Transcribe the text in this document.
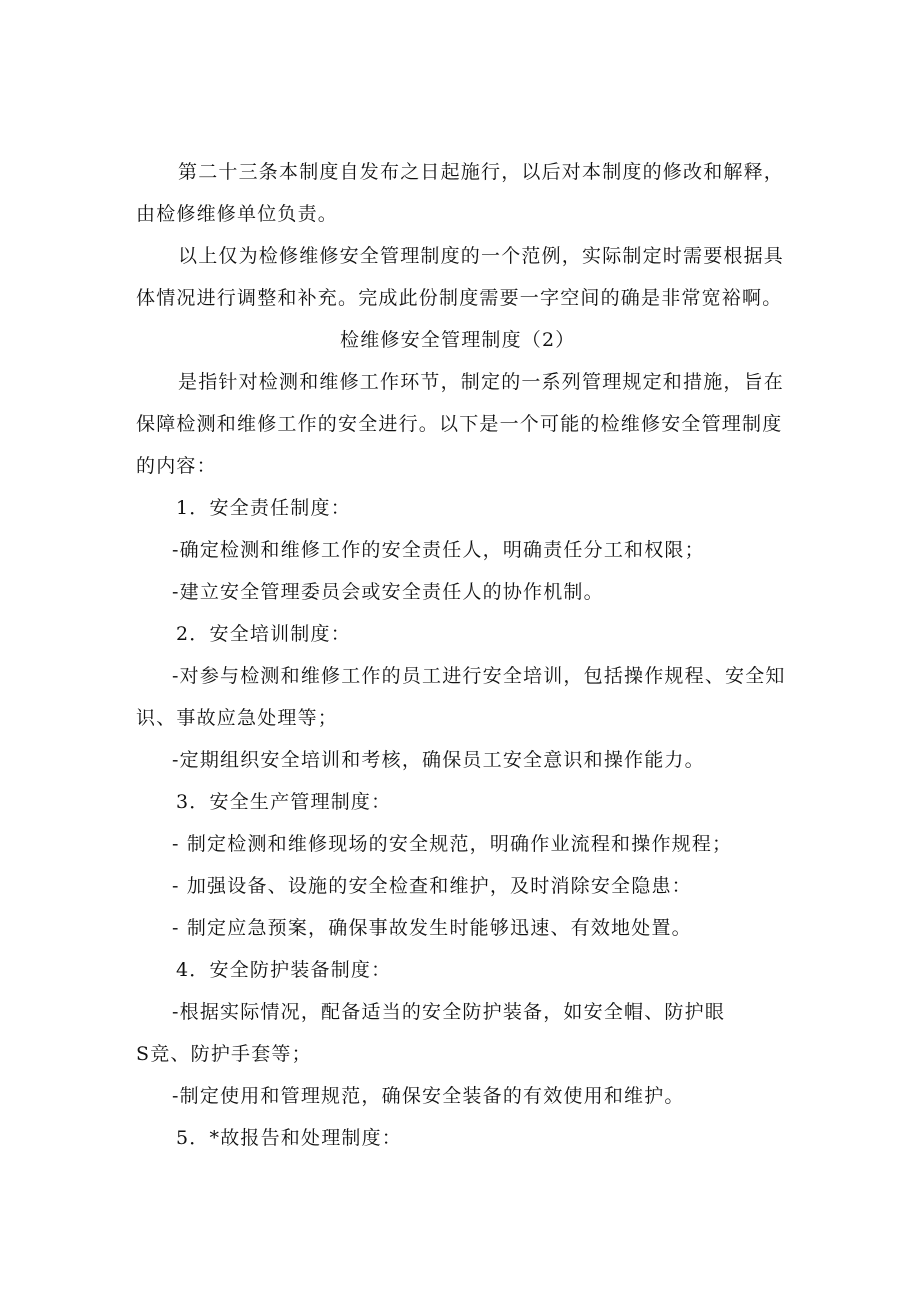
第二十三条本制度自发布之日起施行，以后对本制度的修改和解释，
由检修维修单位负责。
以上仅为检修维修安全管理制度的一个范例，实际制定时需要根据具
体情况进行调整和补充。完成此份制度需要一字空间的确是非常宽裕啊。
检维修安全管理制度（2）
是指针对检测和维修工作环节，制定的一系列管理规定和措施，旨在
保障检测和维修工作的安全进行。以下是一个可能的检维修安全管理制度
的内容：
1．安全责任制度：
-确定检测和维修工作的安全责任人，明确责任分工和权限；
-建立安全管理委员会或安全责任人的协作机制。
2．安全培训制度：
-对参与检测和维修工作的员工进行安全培训，包括操作规程、安全知
识、事故应急处理等；
-定期组织安全培训和考核，确保员工安全意识和操作能力。
3．安全生产管理制度：
- 制定检测和维修现场的安全规范，明确作业流程和操作规程；
- 加强设备、设施的安全检查和维护，及时消除安全隐患：
- 制定应急预案，确保事故发生时能够迅速、有效地处置。
4．安全防护装备制度：
-根据实际情况，配备适当的安全防护装备，如安全帽、防护眼
S竞、防护手套等；
-制定使用和管理规范，确保安全装备的有效使用和维护。
5．*故报告和处理制度：
